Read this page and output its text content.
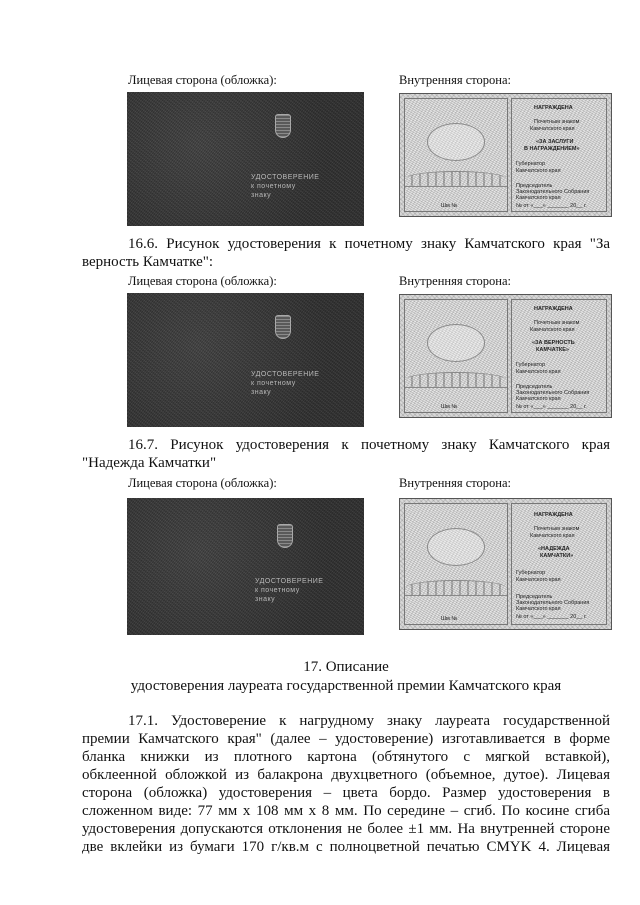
Лицевая сторона (обложка):	Внутренняя сторона:
УДОСТОВЕРЕНИЕ
к почетному
знаку
Шм №
НАГРАЖДЕНА
Почетным знаком
Камчатского края
«ЗА ЗАСЛУГИ
В НАГРАЖДЕНИЕМ»
Губернатор
Камчатского края
Председатель
Законодательного Собрания
Камчатского края
№ от «___» _______ 20__ г.
16.6. Рисунок удостоверения к почетному знаку Камчатского края "За
верность Камчатке":
Лицевая сторона (обложка):	Внутренняя сторона:
УДОСТОВЕРЕНИЕ
к почетному
знаку
Шм №
НАГРАЖДЕНА
Почетным знаком
Камчатского края
«ЗА ВЕРНОСТЬ
КАМЧАТКЕ»
Губернатор
Камчатского края
Председатель
Законодательного Собрания
Камчатского края
№ от «___» _______ 20__ г.
16.7. Рисунок удостоверения к почетному знаку Камчатского края
"Надежда Камчатки"
Лицевая сторона (обложка):	Внутренняя сторона:
УДОСТОВЕРЕНИЕ
к почетному
знаку
Шм №
НАГРАЖДЕНА
Почетным знаком
Камчатского края
«НАДЕЖДА
КАМЧАТКИ»
Губернатор
Камчатского края
Председатель
Законодательного Собрания
Камчатского края
№ от «___» _______ 20__ г.
17. Описание
удостоверения лауреата государственной премии Камчатского края
17.1. Удостоверение к нагрудному знаку лауреата государственной
премии Камчатского края" (далее – удостоверение) изготавливается в форме
бланка книжки из плотного картона (обтянутого с мягкой вставкой),
обклеенной обложкой из балакрона двухцветного (объемное, дутое). Лицевая
сторона (обложка) удостоверения – цвета бордо. Размер удостоверения в
сложенном виде: 77 мм х 108 мм х 8 мм. По середине – сгиб. По косине сгиба
удостоверения допускаются отклонения не более ±1 мм. На внутренней стороне
две вклейки из бумаги 170 г/кв.м с полноцветной печатью CMYK 4. Лицевая
